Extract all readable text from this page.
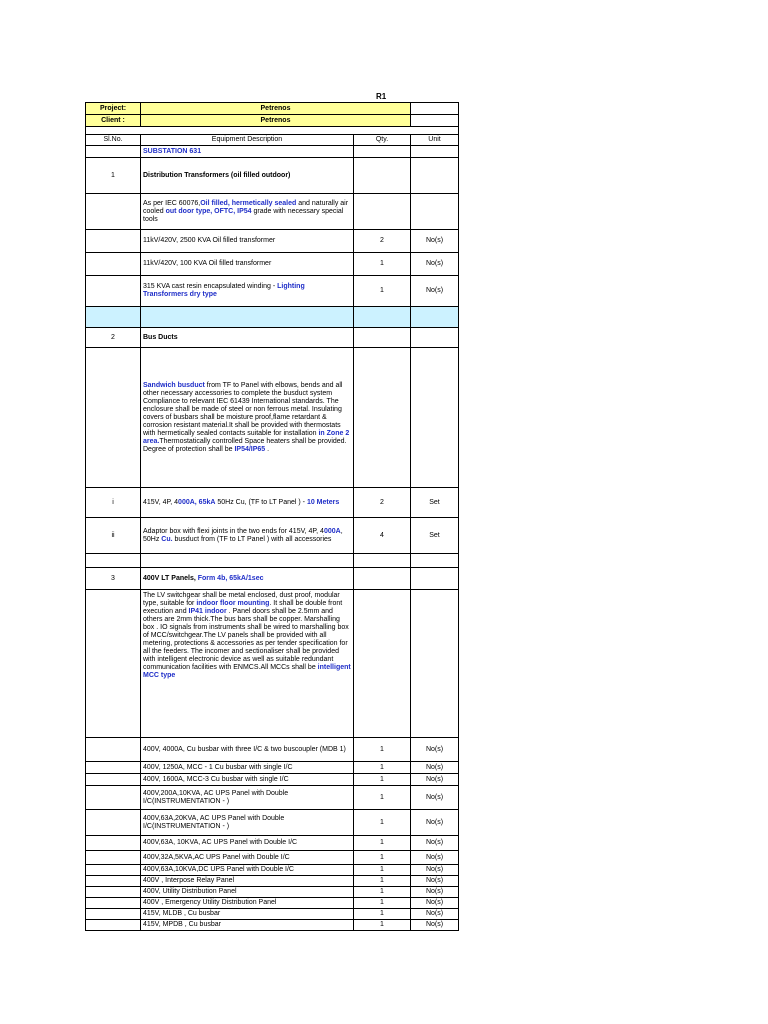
R1
Project:	Petrenos		
Client :	Petrenos		

Sl.No.	Equipment Description	Qty.	Unit
	SUBSTATION 631		
1	Distribution Transformers (oil filled outdoor)		
	As per IEC 60076,Oil filled, hermetically sealed and naturally air cooled out door type, OFTC, IP54 grade with necessary special tools		
	11kV/420V, 2500 KVA Oil filled transformer	2	No(s)
	11kV/420V, 100 KVA Oil filled transformer	1	No(s)
	315 KVA cast resin encapsulated winding - Lighting Transformers dry type	1	No(s)

2	Bus Ducts		
	Sandwich busduct from TF to Panel with elbows, bends and all other necessary accessories to complete the busduct system Compliance to relevant IEC 61439 International standards. The enclosure shall be made of steel or non ferrous metal. Insulating covers of busbars shall be moisture proof,flame retardant & corrosion resistant material.It shall be provided with thermostats with hermetically sealed contacts suitable for installation in Zone 2 area.Thermostatically controlled Space heaters shall be provided. Degree of protection shall be IP54/IP65 .		
i	415V, 4P, 4000A, 65kA 50Hz Cu, (TF to LT Panel ) - 10 Meters	2	Set
ii	Adaptor box with flexi joints in the two ends for 415V, 4P, 4000A, 50Hz Cu. busduct from (TF to LT Panel ) with all accessories	4	Set

3	400V LT Panels, Form 4b, 65kA/1sec		
	The LV switchgear shall be metal enclosed, dust proof, modular type, suitable for indoor floor mounting. It shall be double front execution and IP41 indoor . Panel doors shall be 2.5mm and others are 2mm thick.The bus bars shall be copper. Marshalling box . IO signals from instruments shall be wired to marshalling box of MCC/switchgear.The LV panels shall be provided with all metering, protections & accessories as per tender specification for all the feeders. The incomer and sectionaliser shall be provided with intelligent electronic device as well as suitable redundant communication facilities with ENMCS.All MCCs shall be intelligent MCC type		
	400V, 4000A, Cu busbar with three I/C & two buscoupler (MDB 1)	1	No(s)
	400V, 1250A, MCC - 1 Cu busbar with single I/C	1	No(s)
	400V, 1600A, MCC-3 Cu busbar with single I/C	1	No(s)
	400V,200A,10KVA, AC UPS Panel with Double I/C(INSTRUMENTATION - )	1	No(s)
	400V,63A,20KVA, AC UPS Panel with Double I/C(INSTRUMENTATION - )	1	No(s)
	400V,63A, 10KVA, AC UPS Panel with Double I/C	1	No(s)
	400V,32A,5KVA,AC UPS Panel with Double I/C	1	No(s)
	400V,63A,10KVA,DC UPS Panel with Double I/C	1	No(s)
	400V , Interpose Relay Panel	1	No(s)
	400V, Utility Distribution Panel	1	No(s)
	400V , Emergency Utility Distribution Panel	1	No(s)
	415V, MLDB , Cu busbar	1	No(s)
	415V, MPDB , Cu busbar	1	No(s)
